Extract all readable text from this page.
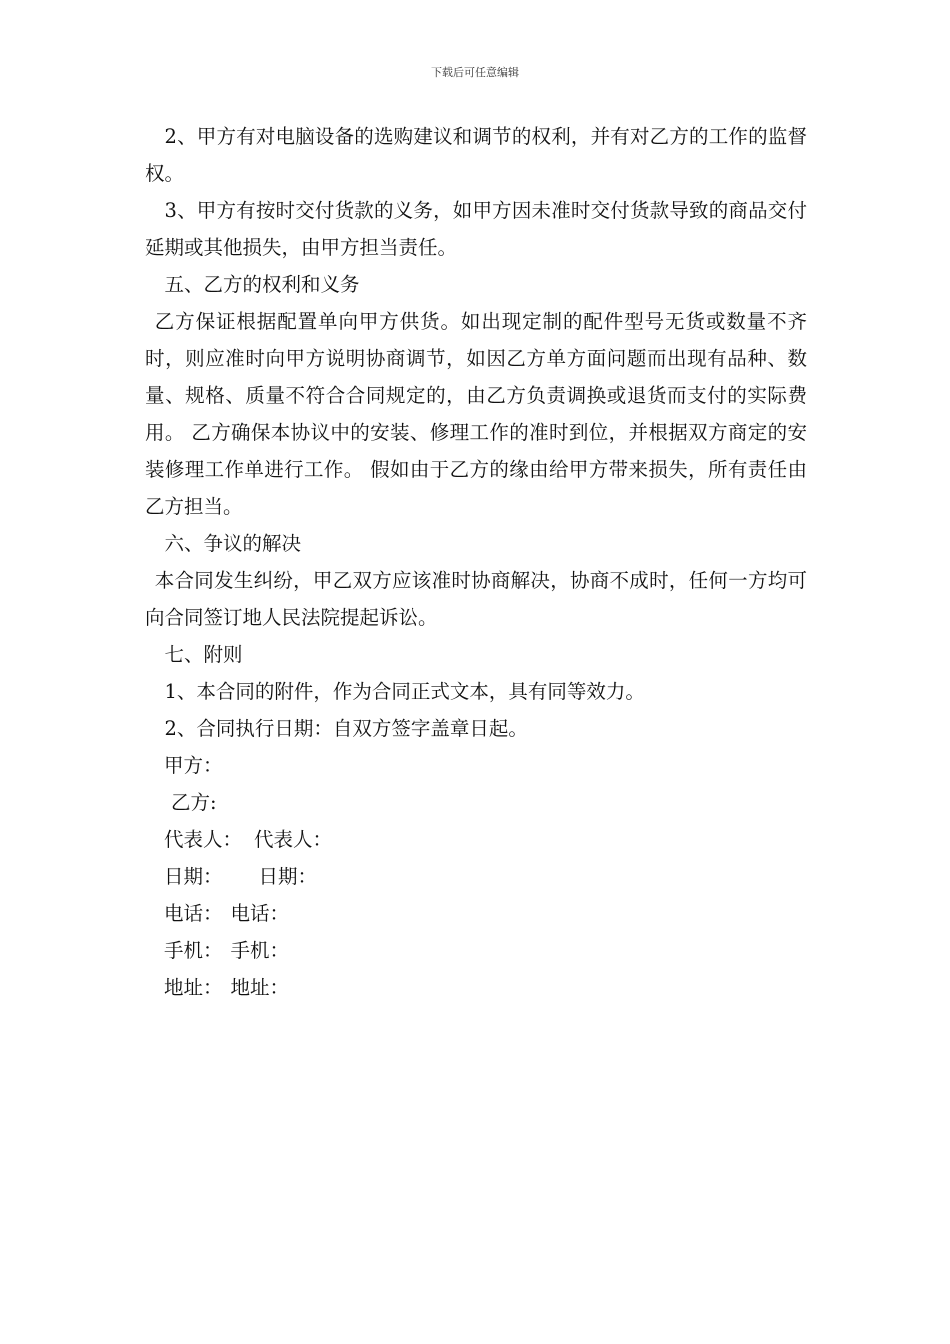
下载后可任意编辑

2、甲方有对电脑设备的选购建议和调节的权利，并有对乙方的工作的监督权。

3、甲方有按时交付货款的义务，如甲方因未准时交付货款导致的商品交付延期或其他损失，由甲方担当责任。

五、乙方的权利和义务

乙方保证根据配置单向甲方供货。如出现定制的配件型号无货或数量不齐时，则应准时向甲方说明协商调节，如因乙方单方面问题而出现有品种、数量、规格、质量不符合合同规定的，由乙方负责调换或退货而支付的实际费用。 乙方确保本协议中的安装、修理工作的准时到位，并根据双方商定的安装修理工作单进行工作。 假如由于乙方的缘由给甲方带来损失，所有责任由乙方担当。

六、争议的解决

本合同发生纠纷，甲乙双方应该准时协商解决，协商不成时，任何一方均可向合同签订地人民法院提起诉讼。

七、附则

1、本合同的附件，作为合同正式文本，具有同等效力。

2、合同执行日期：自双方签字盖章日起。

甲方：

乙方:

代表人： 代表人：

日期： 日期：

电话： 电话：

手机： 手机：

地址： 地址：
